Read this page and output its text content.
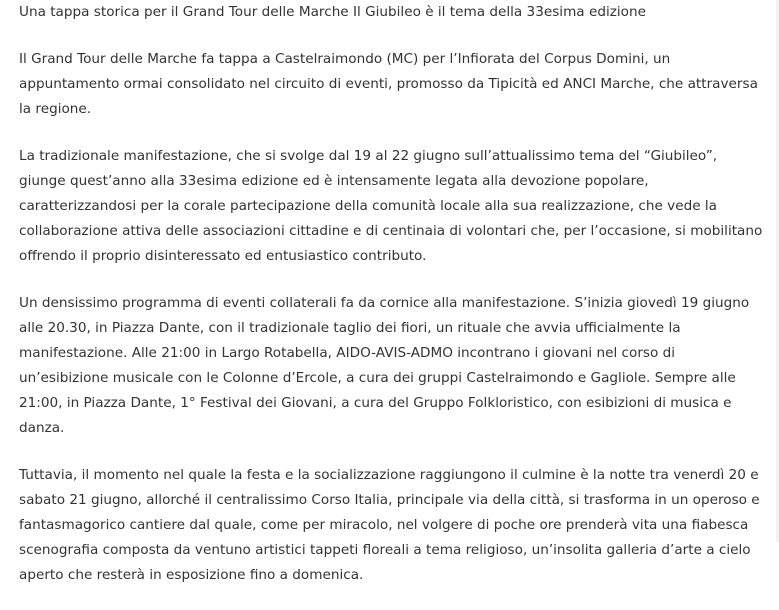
Una tappa storica per il Grand Tour delle Marche Il Giubileo è il tema della 33esima edizione

Il Grand Tour delle Marche fa tappa a Castelraimondo (MC) per l’Infiorata del Corpus Domini, un appuntamento ormai consolidato nel circuito di eventi, promosso da Tipicità ed ANCI Marche, che attraversa la regione.

La tradizionale manifestazione, che si svolge dal 19 al 22 giugno sull’attualissimo tema del “Giubileo”, giunge quest’anno alla 33esima edizione ed è intensamente legata alla devozione popolare, caratterizzandosi per la corale partecipazione della comunità locale alla sua realizzazione, che vede la collaborazione attiva delle associazioni cittadine e di centinaia di volontari che, per l’occasione, si mobilitano offrendo il proprio disinteressato ed entusiastico contributo.

Un densissimo programma di eventi collaterali fa da cornice alla manifestazione. S’inizia giovedì 19 giugno alle 20.30, in Piazza Dante, con il tradizionale taglio dei fiori, un rituale che avvia ufficialmente la manifestazione. Alle 21:00 in Largo Rotabella, AIDO-AVIS-ADMO incontrano i giovani nel corso di un’esibizione musicale con le Colonne d’Ercole, a cura dei gruppi Castelraimondo e Gagliole. Sempre alle 21:00, in Piazza Dante, 1° Festival dei Giovani, a cura del Gruppo Folkloristico, con esibizioni di musica e danza.

Tuttavia, il momento nel quale la festa e la socializzazione raggiungono il culmine è la notte tra venerdì 20 e sabato 21 giugno, allorché il centralissimo Corso Italia, principale via della città, si trasforma in un operoso e fantasmagorico cantiere dal quale, come per miracolo, nel volgere di poche ore prenderà vita una fiabesca scenografia composta da ventuno artistici tappeti floreali a tema religioso, un’insolita galleria d’arte a cielo aperto che resterà in esposizione fino a domenica.
